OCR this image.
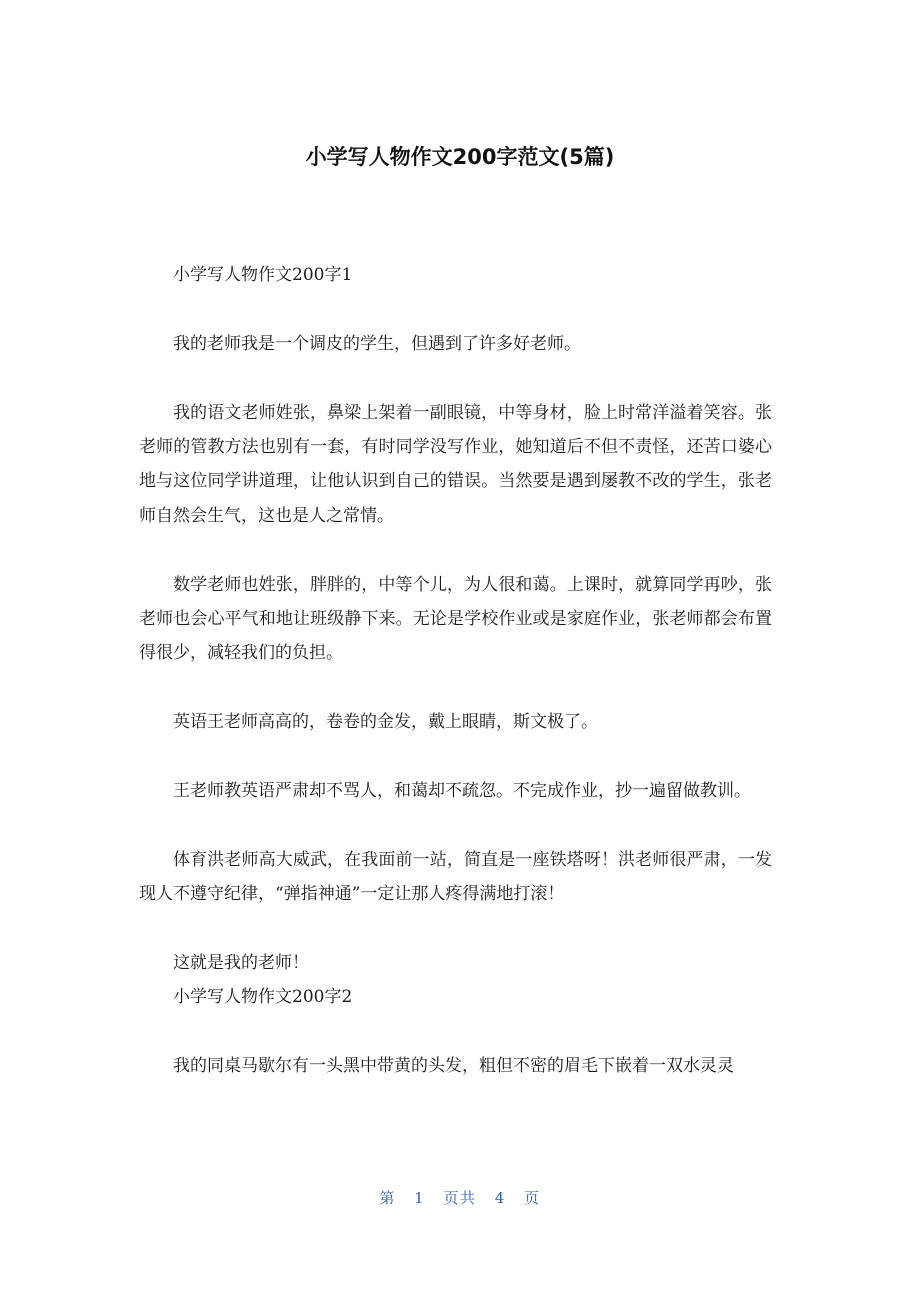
小学写人物作文200字范文(5篇)

小学写人物作文200字1

我的老师我是一个调皮的学生，但遇到了许多好老师。

我的语文老师姓张，鼻梁上架着一副眼镜，中等身材，脸上时常洋溢着笑容。张老师的管教方法也别有一套，有时同学没写作业，她知道后不但不责怪，还苦口婆心地与这位同学讲道理，让他认识到自己的错误。当然要是遇到屡教不改的学生，张老师自然会生气，这也是人之常情。

数学老师也姓张，胖胖的，中等个儿，为人很和蔼。上课时，就算同学再吵，张老师也会心平气和地让班级静下来。无论是学校作业或是家庭作业，张老师都会布置得很少，减轻我们的负担。

英语王老师高高的，卷卷的金发，戴上眼睛，斯文极了。

王老师教英语严肃却不骂人，和蔼却不疏忽。不完成作业，抄一遍留做教训。

体育洪老师高大威武，在我面前一站，简直是一座铁塔呀！洪老师很严肃，一发现人不遵守纪律，“弹指神通”一定让那人疼得满地打滚！

这就是我的老师！

小学写人物作文200字2

我的同桌马歇尔有一头黑中带黄的头发，粗但不密的眉毛下嵌着一双水灵灵

第 1 页共 4 页
